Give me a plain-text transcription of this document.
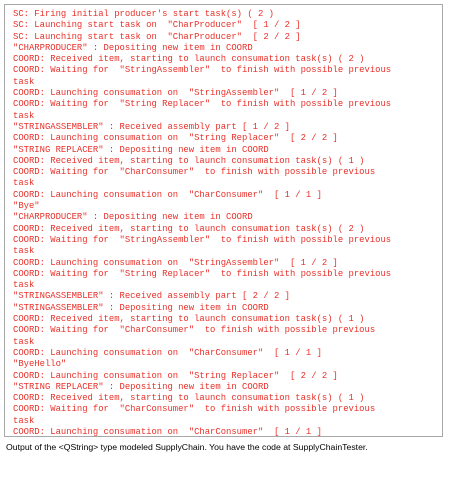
SC: Firing initial producer's start task(s) ( 2 )
SC: Launching start task on  "CharProducer"  [ 1 / 2 ]
SC: Launching start task on  "CharProducer"  [ 2 / 2 ]
"CHARPRODUCER" : Depositing new item in COORD
COORD: Received item, starting to launch consumation task(s) ( 2 )
COORD: Waiting for  "StringAssembler"  to finish with possible previous
task
COORD: Launching consumation on  "StringAssembler"  [ 1 / 2 ]
COORD: Waiting for  "String Replacer"  to finish with possible previous
task
"STRINGASSEMBLER" : Received assembly part [ 1 / 2 ]
COORD: Launching consumation on  "String Replacer"  [ 2 / 2 ]
"STRING REPLACER" : Depositing new item in COORD
COORD: Received item, starting to launch consumation task(s) ( 1 )
COORD: Waiting for  "CharConsumer"  to finish with possible previous
task
COORD: Launching consumation on  "CharConsumer"  [ 1 / 1 ]
"Bye"
"CHARPRODUCER" : Depositing new item in COORD
COORD: Received item, starting to launch consumation task(s) ( 2 )
COORD: Waiting for  "StringAssembler"  to finish with possible previous
task
COORD: Launching consumation on  "StringAssembler"  [ 1 / 2 ]
COORD: Waiting for  "String Replacer"  to finish with possible previous
task
"STRINGASSEMBLER" : Received assembly part [ 2 / 2 ]
"STRINGASSEMBLER" : Depositing new item in COORD
COORD: Received item, starting to launch consumation task(s) ( 1 )
COORD: Waiting for  "CharConsumer"  to finish with possible previous
task
COORD: Launching consumation on  "CharConsumer"  [ 1 / 1 ]
"ByeHello"
COORD: Launching consumation on  "String Replacer"  [ 2 / 2 ]
"STRING REPLACER" : Depositing new item in COORD
COORD: Received item, starting to launch consumation task(s) ( 1 )
COORD: Waiting for  "CharConsumer"  to finish with possible previous
task
COORD: Launching consumation on  "CharConsumer"  [ 1 / 1 ]
Output of the <QString> type modeled SupplyChain. You have the code at SupplyChainTester.
